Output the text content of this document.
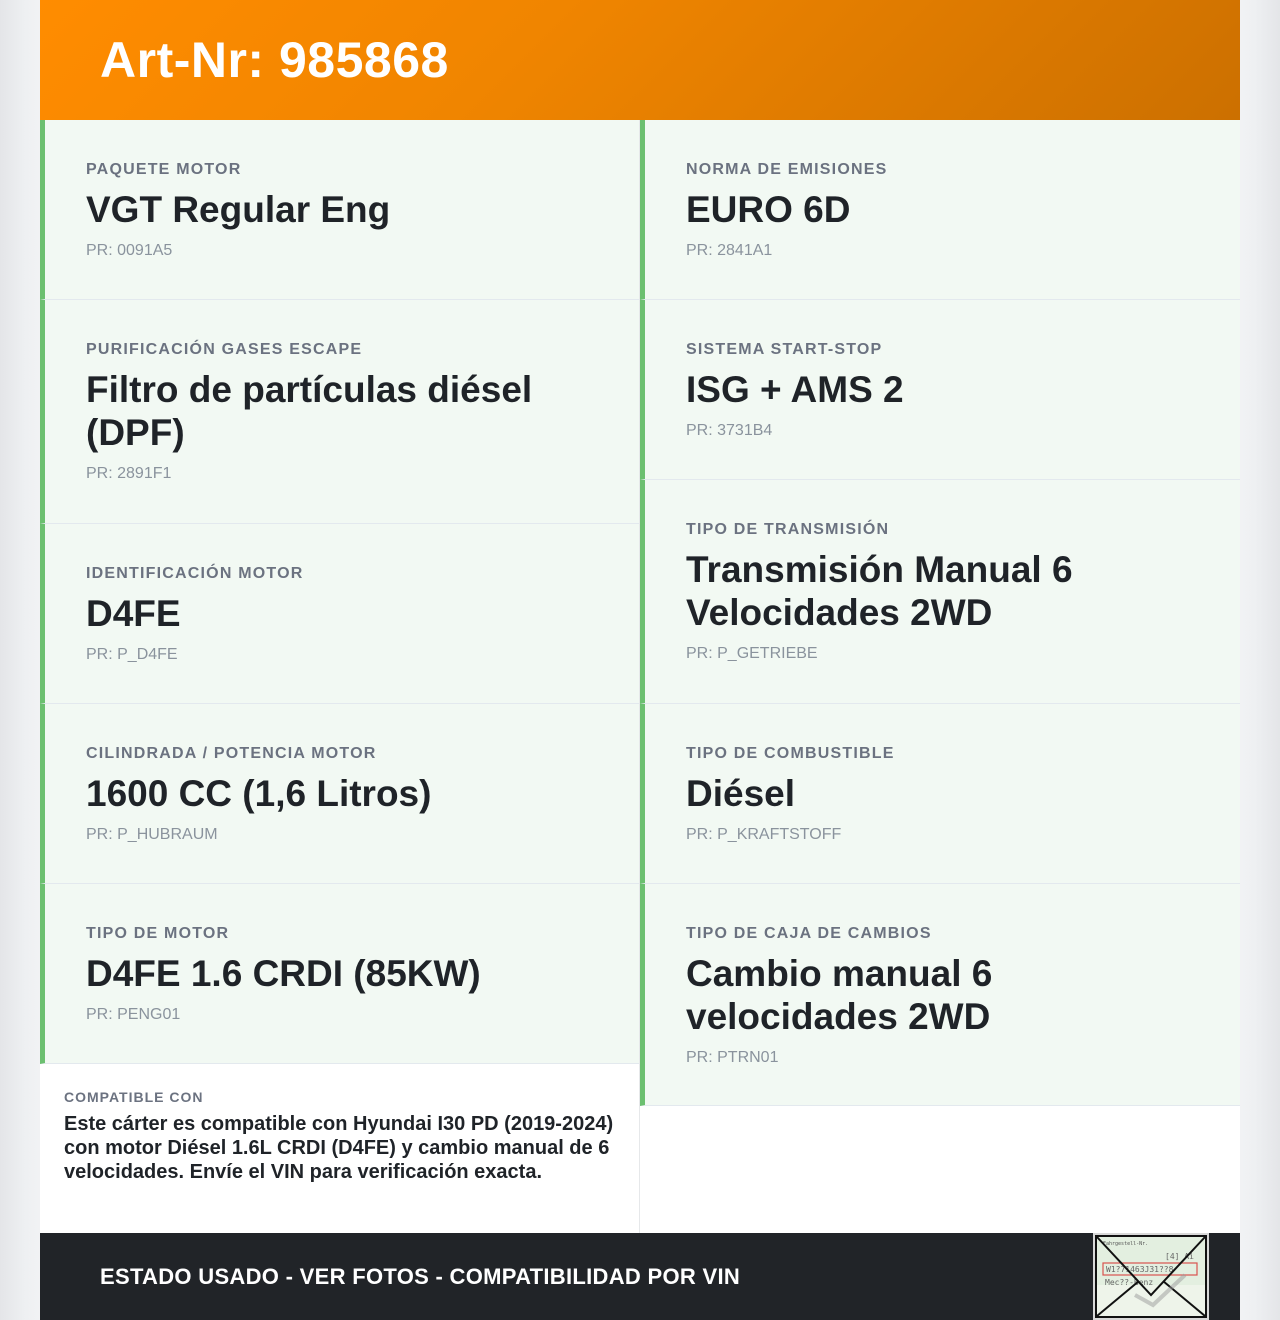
Art-Nr: 985868
PAQUETE MOTOR
VGT Regular Eng
PR: 0091A5
PURIFICACIÓN GASES ESCAPE
Filtro de partículas diésel (DPF)
PR: 2891F1
IDENTIFICACIÓN MOTOR
D4FE
PR: P_D4FE
CILINDRADA / POTENCIA MOTOR
1600 CC (1,6 Litros)
PR: P_HUBRAUM
TIPO DE MOTOR
D4FE 1.6 CRDI (85KW)
PR: PENG01
COMPATIBLE CON
Este cárter es compatible con Hyundai I30 PD (2019-2024) con motor Diésel 1.6L CRDI (D4FE) y cambio manual de 6 velocidades. Envíe el VIN para verificación exacta.
NORMA DE EMISIONES
EURO 6D
PR: 2841A1
SISTEMA START-STOP
ISG + AMS 2
PR: 3731B4
TIPO DE TRANSMISIÓN
Transmisión Manual 6 Velocidades 2WD
PR: P_GETRIEBE
TIPO DE COMBUSTIBLE
Diésel
PR: P_KRAFTSTOFF
TIPO DE CAJA DE CAMBIOS
Cambio manual 6 velocidades 2WD
PR: PTRN01
ESTADO USADO - VER FOTOS - COMPATIBILIDAD POR VIN
Fahrgestell-Nr.
[4] Ai
W1?71463J31??8
Mec??-Benz
